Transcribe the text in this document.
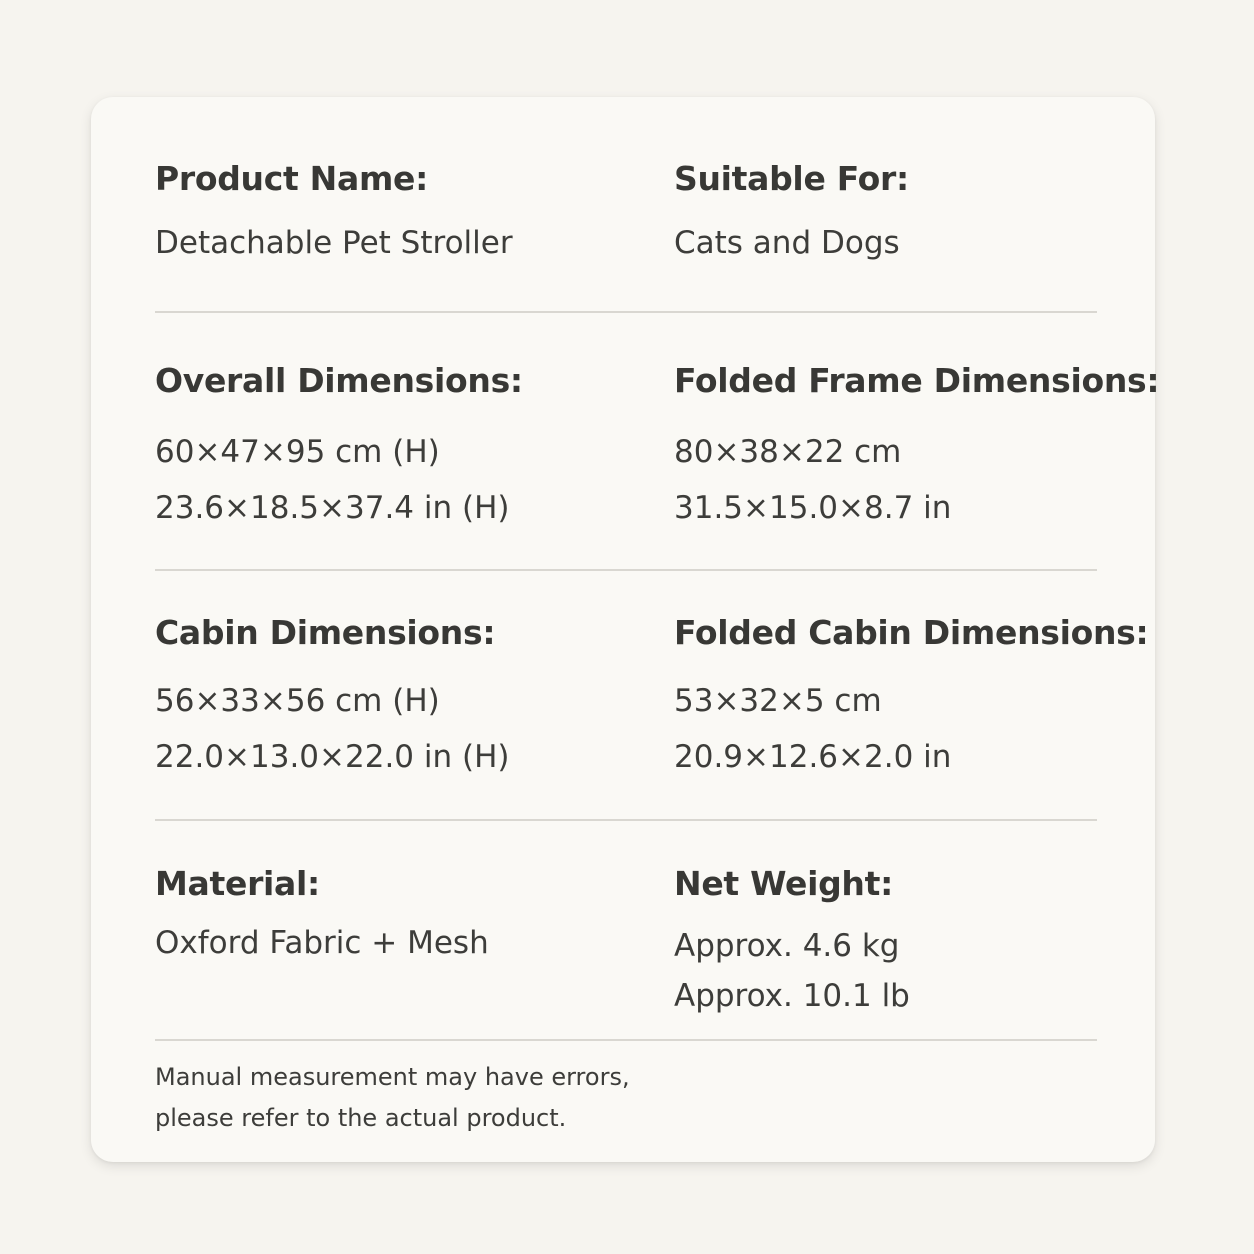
Product Name:
Detachable Pet Stroller
Suitable For:
Cats and Dogs
Overall Dimensions:
60×47×95 cm (H)
23.6×18.5×37.4 in (H)
Folded Frame Dimensions:
80×38×22 cm
31.5×15.0×8.7 in
Cabin Dimensions:
56×33×56 cm (H)
22.0×13.0×22.0 in (H)
Folded Cabin Dimensions:
53×32×5 cm
20.9×12.6×2.0 in
Material:
Oxford Fabric + Mesh
Net Weight:
Approx. 4.6 kg
Approx. 10.1 lb
Manual measurement may have errors,
please refer to the actual product.
